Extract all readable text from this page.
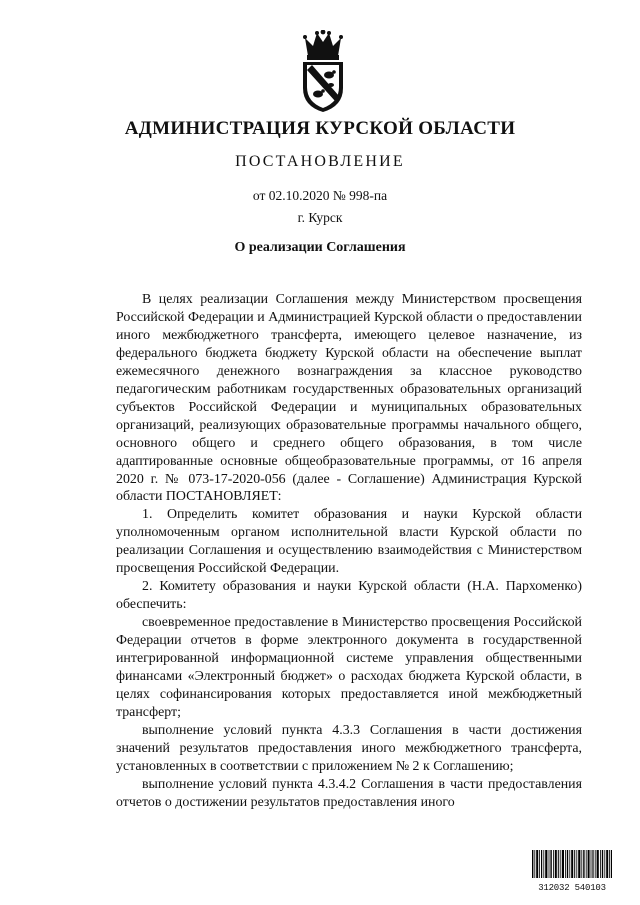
АДМИНИСТРАЦИЯ КУРСКОЙ ОБЛАСТИ
ПОСТАНОВЛЕНИЕ
от 02.10.2020 № 998-па
г. Курск
О реализации Соглашения

В целях реализации Соглашения между Министерством просвещения Российской Федерации и Администрацией Курской области о предоставлении иного межбюджетного трансферта, имеющего целевое назначение, из федерального бюджета бюджету Курской области на обеспечение выплат ежемесячного денежного вознаграждения за классное руководство педагогическим работникам государственных образовательных организаций субъектов Российской Федерации и муниципальных образовательных организаций, реализующих образовательные программы начального общего, основного общего и среднего общего образования, в том числе адаптированные основные общеобразовательные программы, от 16 апреля 2020 г. № 073-17-2020-056 (далее - Соглашение) Администрация Курской области ПОСТАНОВЛЯЕТ:

1. Определить комитет образования и науки Курской области уполномоченным органом исполнительной власти Курской области по реализации Соглашения и осуществлению взаимодействия с Министерством просвещения Российской Федерации.

2. Комитету образования и науки Курской области (Н.А. Пархоменко) обеспечить:

своевременное предоставление в Министерство просвещения Российской Федерации отчетов в форме электронного документа в государственной интегрированной информационной системе управления общественными финансами «Электронный бюджет» о расходах бюджета Курской области, в целях софинансирования которых предоставляется иной межбюджетный трансферт;

выполнение условий пункта 4.3.3 Соглашения в части достижения значений результатов предоставления иного межбюджетного трансферта, установленных в соответствии с приложением № 2 к Соглашению;

выполнение условий пункта 4.3.4.2 Соглашения в части предоставления отчетов о достижении результатов предоставления иного

312032 540103
